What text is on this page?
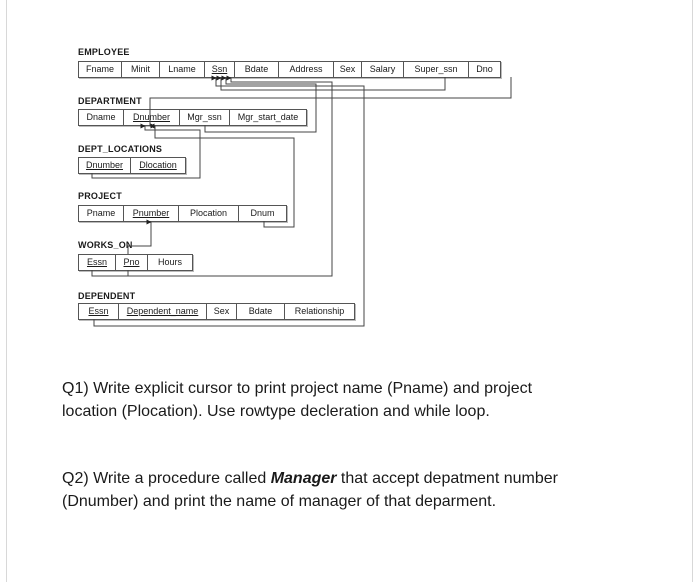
EMPLOYEE
Fname	Minit	Lname	Ssn	Bdate	Address	Sex	Salary	Super_ssn	Dno
DEPARTMENT
Dname	Dnumber	Mgr_ssn	Mgr_start_date
DEPT_LOCATIONS
Dnumber	Dlocation
PROJECT
Pname	Pnumber	Plocation	Dnum
WORKS_ON
Essn	Pno	Hours
DEPENDENT
Essn	Dependent_name	Sex	Bdate	Relationship
Q1) Write explicit cursor to print project name (Pname) and project
location (Plocation). Use rowtype decleration and while loop.
Q2) Write a procedure called Manager that accept depatment number
(Dnumber) and print the name of manager of that deparment.
